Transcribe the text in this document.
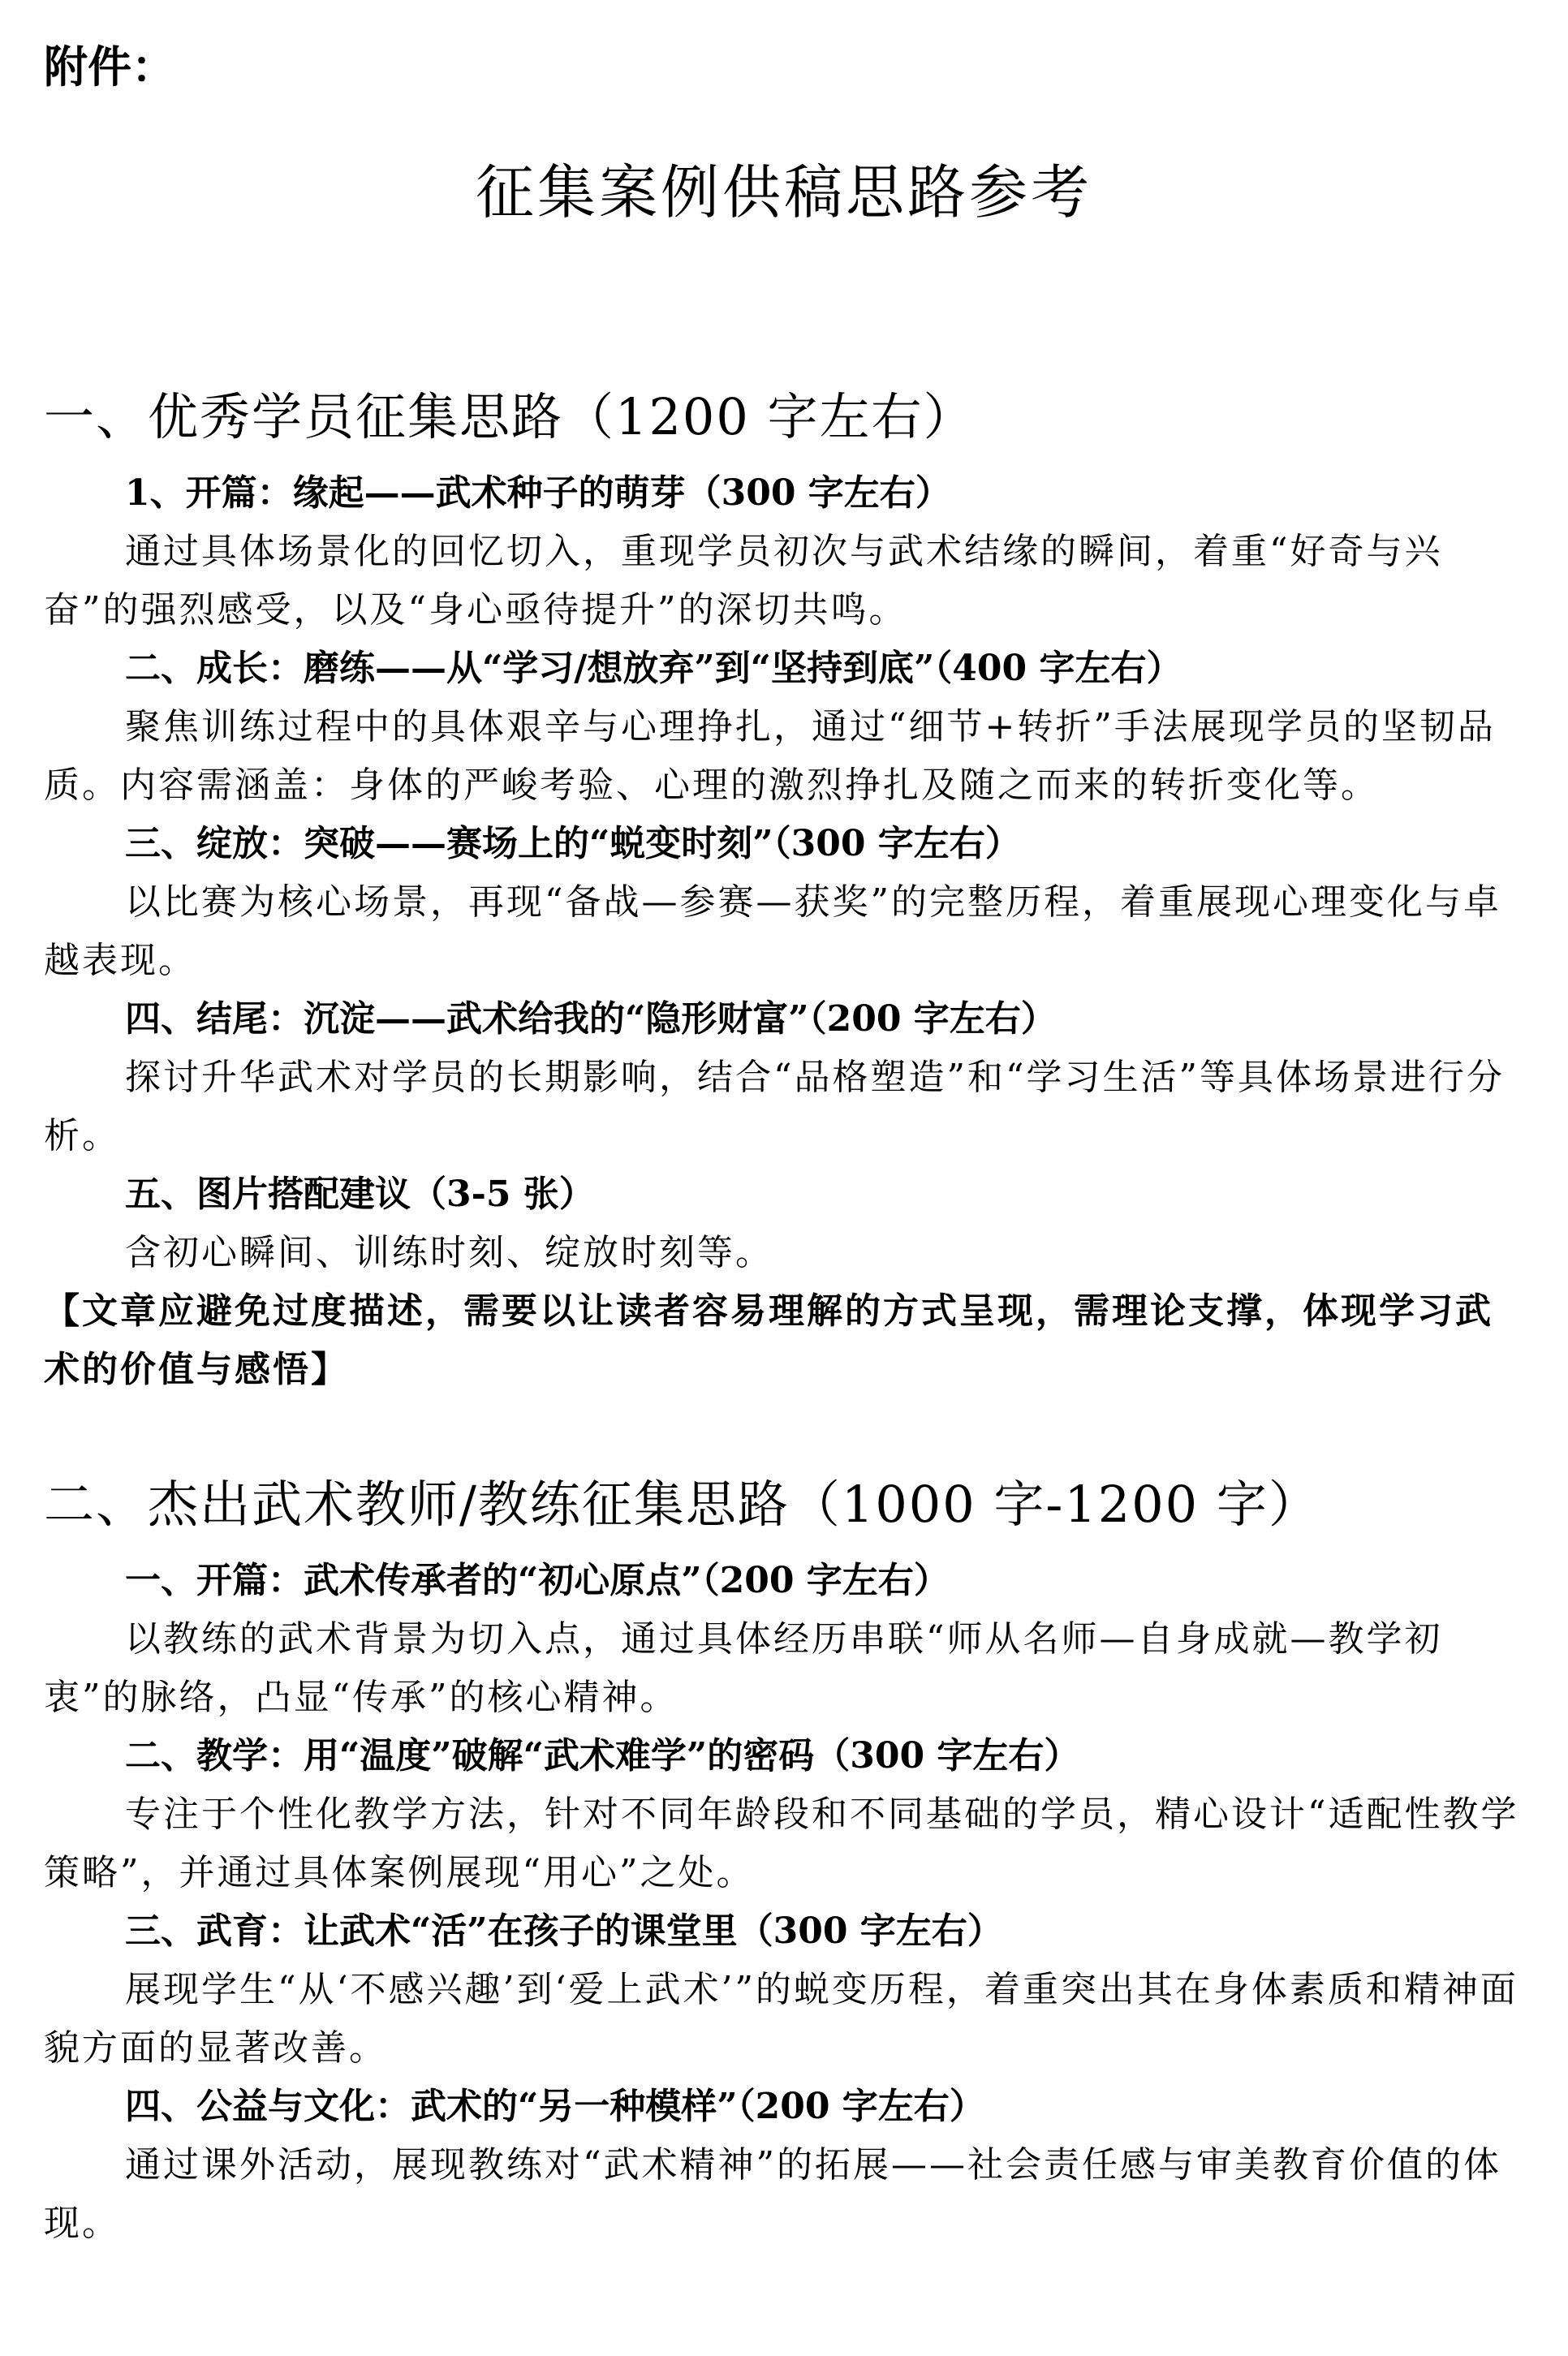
附件：

征集案例供稿思路参考
一、优秀学员征集思路（1200 字左右）

1、开篇：缘起——武术种子的萌芽（300 字左右）

通过具体场景化的回忆切入，重现学员初次与武术结缘的瞬间，着重“好奇与兴奋”的强烈感受，以及“身心亟待提升”的深切共鸣。

二、成长：磨练——从“学习/想放弃”到“坚持到底”（400 字左右）

聚焦训练过程中的具体艰辛与心理挣扎，通过“细节+转折”手法展现学员的坚韧品质。内容需涵盖：身体的严峻考验、心理的激烈挣扎及随之而来的转折变化等。

三、绽放：突破——赛场上的“蜕变时刻”（300 字左右）

以比赛为核心场景，再现“备战—参赛—获奖”的完整历程，着重展现心理变化与卓越表现。

四、结尾：沉淀——武术给我的“隐形财富”（200 字左右）

探讨升华武术对学员的长期影响，结合“品格塑造”和“学习生活”等具体场景进行分析。

五、图片搭配建议（3-5 张）

含初心瞬间、训练时刻、绽放时刻等。

【文章应避免过度描述，需要以让读者容易理解的方式呈现，需理论支撑，体现学习武术的价值与感悟】

二、杰出武术教师/教练征集思路（1000 字-1200 字）

一、开篇：武术传承者的“初心原点”（200 字左右）

以教练的武术背景为切入点，通过具体经历串联“师从名师—自身成就—教学初衷”的脉络，凸显“传承”的核心精神。

二、教学：用“温度”破解“武术难学”的密码（300 字左右）

专注于个性化教学方法，针对不同年龄段和不同基础的学员，精心设计“适配性教学策略”，并通过具体案例展现“用心”之处。

三、武育：让武术“活”在孩子的课堂里（300 字左右）

展现学生“从‘不感兴趣’到‘爱上武术’”的蜕变历程，着重突出其在身体素质和精神面貌方面的显著改善。

四、公益与文化：武术的“另一种模样”（200 字左右）

通过课外活动，展现教练对“武术精神”的拓展——社会责任感与审美教育价值的体现。
